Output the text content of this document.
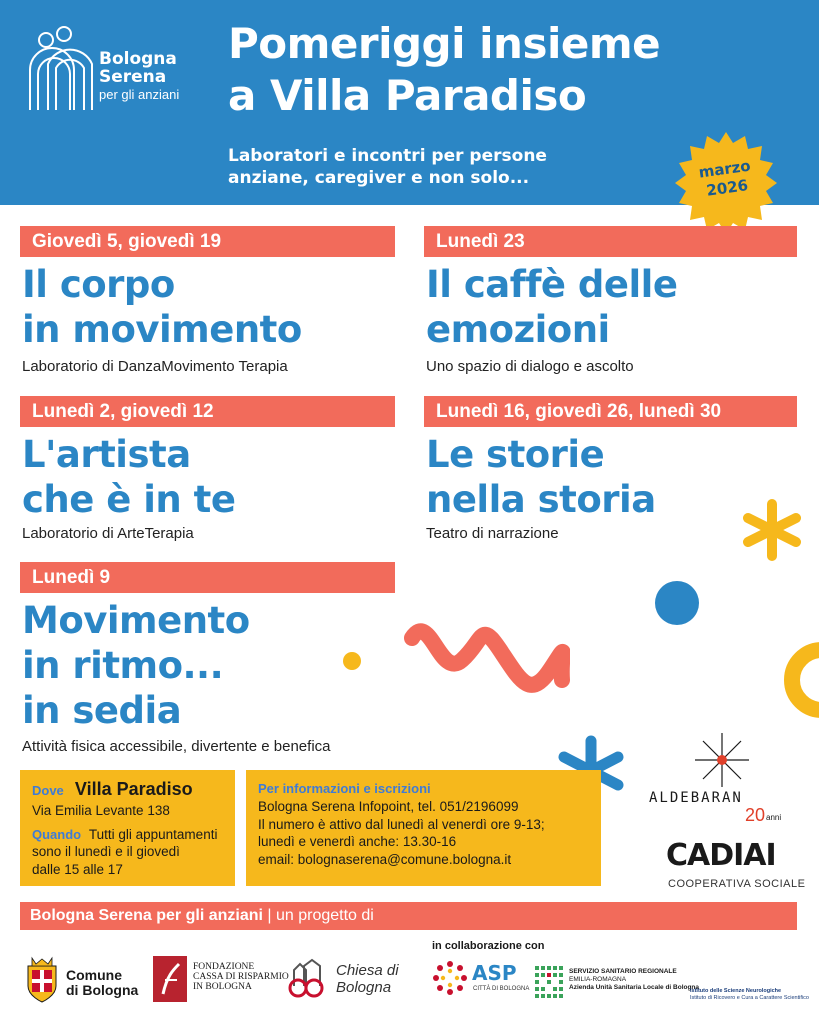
Bologna
Serena
per gli anziani
Pomeriggi insieme
a Villa Paradiso
Laboratori e incontri per persone
anziane, caregiver e non solo...	marzo
2026
Giovedì 5, giovedì 19
Il corpo
in movimento
Laboratorio di DanzaMovimento Terapia
Lunedì 23
Il caffè delle
emozioni
Uno spazio di dialogo e ascolto
Lunedì 2, giovedì 12
L'artista
che è in te
Laboratorio di ArteTerapia
Lunedì 16, giovedì 26, lunedì 30
Le storie
nella storia
Teatro di narrazione
Lunedì 9
Movimento
in ritmo...
in sedia
Attività fisica accessibile, divertente e benefica
Dove Villa Paradiso
Via Emilia Levante 138
Quando Tutti gli appuntamenti
sono il lunedì e il giovedì
dalle 15 alle 17
Per informazioni e iscrizioni
Bologna Serena Infopoint, tel. 051/2196099
Il numero è attivo dal lunedì al venerdì ore 9-13;
lunedì e venerdì anche: 13.30-16
email: bolognaserena@comune.bologna.it
ALDEBARAN
20 anni
CADIAI
COOPERATIVA SOCIALE
Bologna Serena per gli anziani | un progetto di
in collaborazione con
Comune
di Bologna
FONDAZIONE
CASSA DI RISPARMIO
IN BOLOGNA
Chiesa di
Bologna
ASP
CITTÀ DI BOLOGNA
SERVIZIO SANITARIO REGIONALE
EMILIA-ROMAGNA
Azienda Unità Sanitaria Locale di Bologna
Istituto delle Scienze Neurologiche
Istituto di Ricovero e Cura a Carattere Scientifico
